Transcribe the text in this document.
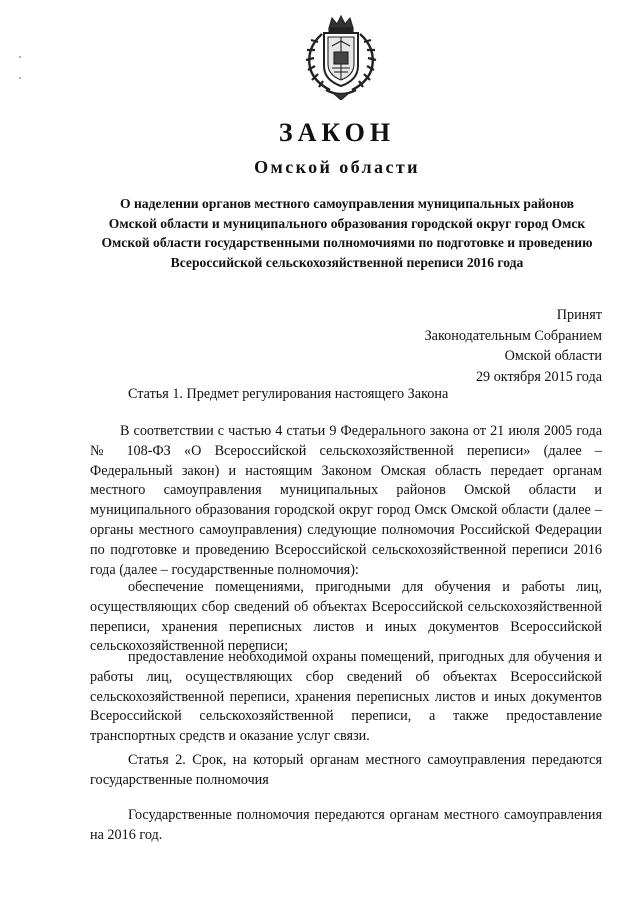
ЗАКОН
Омской области
О наделении органов местного самоуправления муниципальных районов Омской области и муниципального образования городской округ город Омск Омской области государственными полномочиями по подготовке и проведению Всероссийской сельскохозяйственной переписи 2016 года
Принят
Законодательным Собранием
Омской области
29 октября 2015 года
Статья 1. Предмет регулирования настоящего Закона
В соответствии с частью 4 статьи 9 Федерального закона от 21 июля 2005 года № 108-ФЗ «О Всероссийской сельскохозяйственной переписи» (далее – Федеральный закон) и настоящим Законом Омская область передает органам местного самоуправления муниципальных районов Омской области и муниципального образования городской округ город Омск Омской области (далее – органы местного самоуправления) следующие полномочия Российской Федерации по подготовке и проведению Всероссийской сельскохозяйственной переписи 2016 года (далее – государственные полномочия):
обеспечение помещениями, пригодными для обучения и работы лиц, осуществляющих сбор сведений об объектах Всероссийской сельскохозяйственной переписи, хранения переписных листов и иных документов Всероссийской сельскохозяйственной переписи;
предоставление необходимой охраны помещений, пригодных для обучения и работы лиц, осуществляющих сбор сведений об объектах Всероссийской сельскохозяйственной переписи, хранения переписных листов и иных документов Всероссийской сельскохозяйственной переписи, а также предоставление транспортных средств и оказание услуг связи.
Статья 2. Срок, на который органам местного самоуправления передаются государственные полномочия
Государственные полномочия передаются органам местного самоуправления на 2016 год.
